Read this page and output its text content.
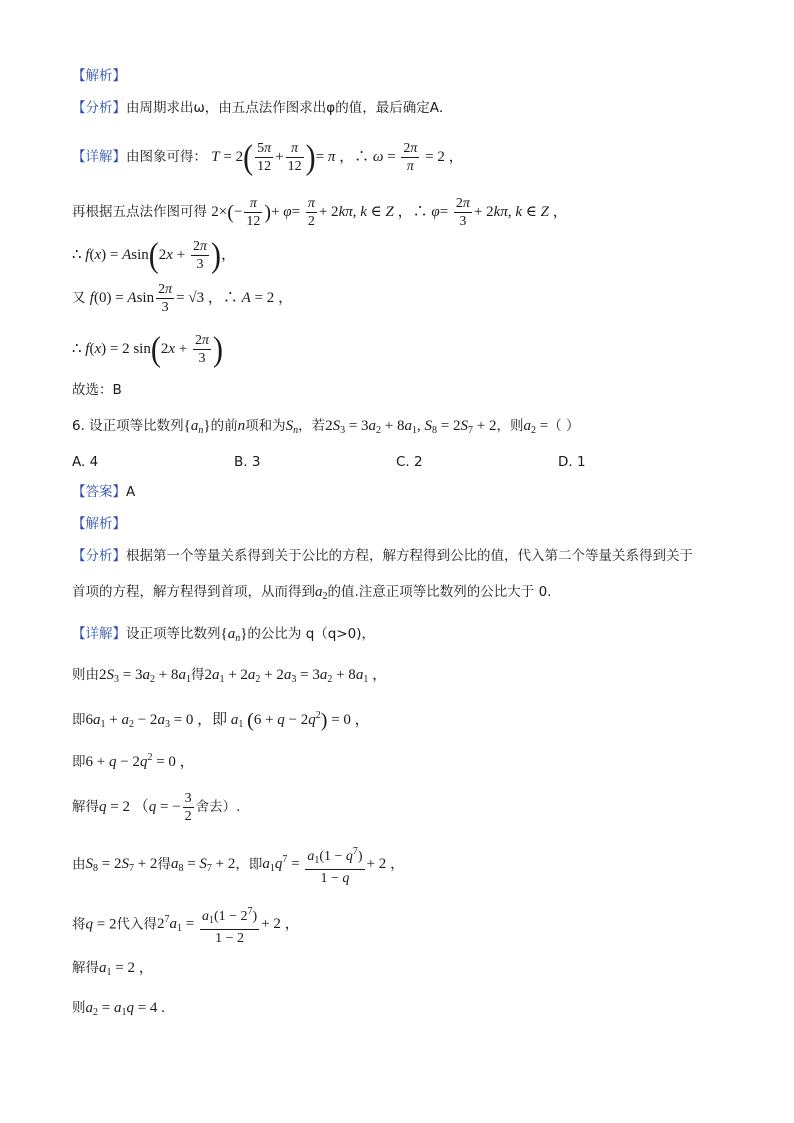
【解析】
【分析】由周期求出ω，由五点法作图求出φ的值，最后确定A．
【详解】由图象可得： $T = 2( \frac{5\pi}{12} + \frac{\pi}{12}$ )= π ，∴ $\omega = \frac{2\pi}{\pi} = 2$ ，
再根据五点法作图可得 $2\times(- \frac{\pi}{12}$ )+ $\varphi= \frac{\pi}{2} + 2k\pi$, k ∈ Z ，∴ $\varphi= \frac{2\pi}{3} + 2k\pi$, k ∈ Z ，
∴ $f(x) = Asin(2x + \frac{2\pi}{3}$ )，
又 f(0) = Asin $\frac{2\pi}{3} = √3$ ，∴ A = 2 ，
∴ f(x) = 2 $\sin(2x + \frac{2\pi}{3}$ )
故选：B
6. 设正项等比数列$\{a_n\}$的前n项和为$S_n$，若$2S_3 = 3a_2 + 8a_1$, $S_8 = 2S_7 + 2$，则$a_2$ =（ ）
A. 4	B. 3	C. 2	D. 1
【答案】A
【解析】
【分析】根据第一个等量关系得到关于公比的方程，解方程得到公比的值，代入第二个等量关系得到关于
首项的方程，解方程得到首项，从而得到$a_2$的值.注意正项等比数列的公比大于 0.
【详解】设正项等比数列$\{a_n\}$的公比为 q（q>0)，
则由$2S_3 = 3a_2 + 8a_1$得$2a_1 + 2a_2 + 2a_3 = 3a_2 + 8a_1$ ，
即$6a_1 + a_2 - 2a_3 = 0$ ，即 $a_1$ $(6 + q - 2q^2) = 0$ ，
即$6 + q - 2q^2 = 0$ ，
解得q = 2 （q = − $\frac{3}{2}$ 舍去）.
由$S_8 = 2S_7 + 2$得$a_8 = S_7 + 2$，即$a_1q^7 = \frac{a_1(1 - q^7)}{1 - q} + 2$ ，
将q = 2代入得$2^7a_1 = \frac{a_1(1 - 2^7)}{1 - 2} + 2$ ，
解得$a_1 = 2$ ，
则$a_2 = a_1q = 4$ .
